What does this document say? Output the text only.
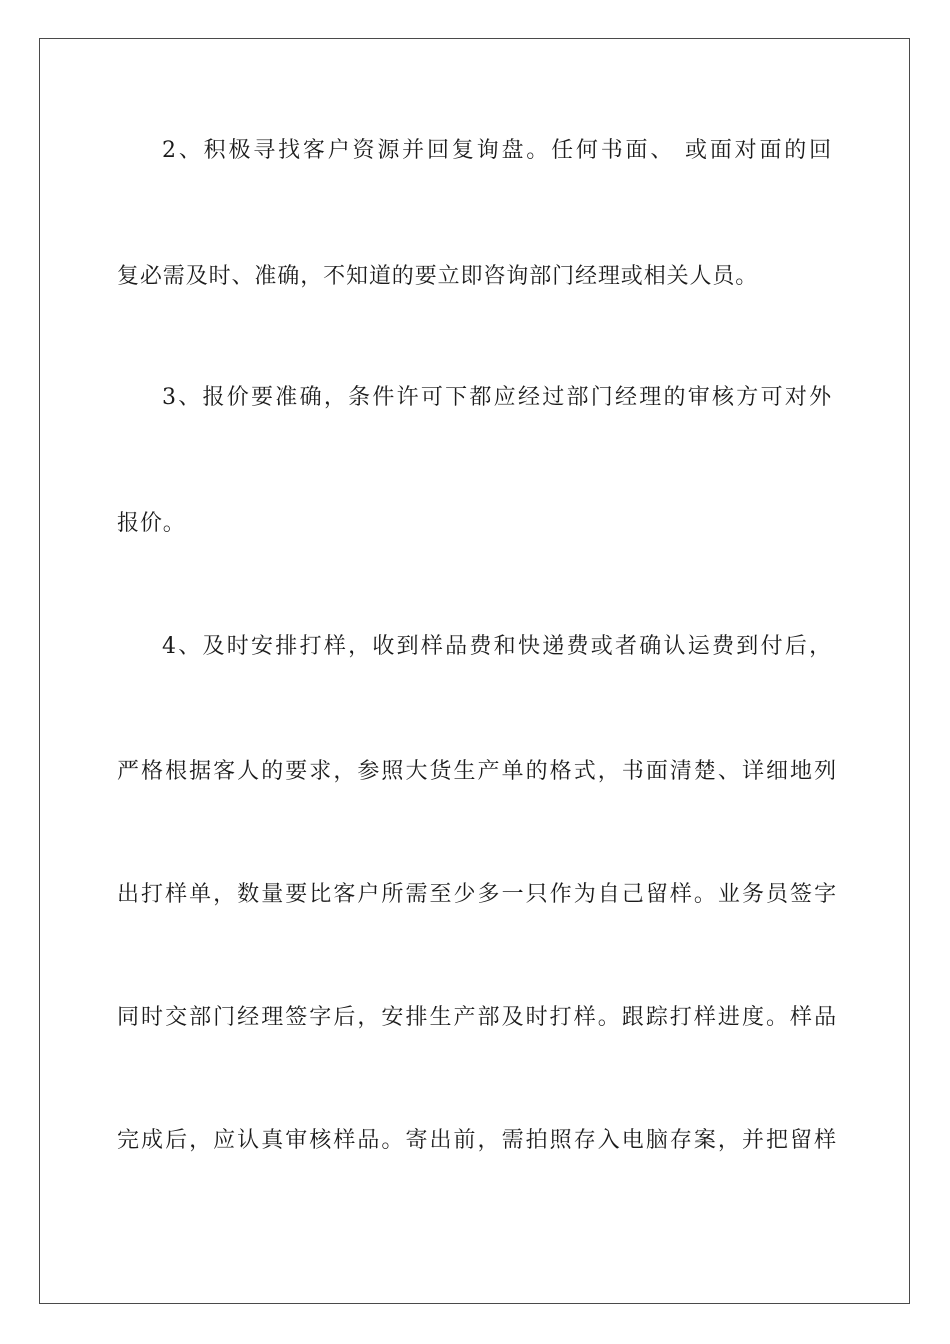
2、积极寻找客户资源并回复询盘。任何书面、 或面对面的回
复必需及时、准确，不知道的要立即咨询部门经理或相关人员。
3、报价要准确，条件许可下都应经过部门经理的审核方可对外
报价。
4、及时安排打样，收到样品费和快递费或者确认运费到付后，
严格根据客人的要求，参照大货生产单的格式，书面清楚、详细地列
出打样单，数量要比客户所需至少多一只作为自己留样。业务员签字
同时交部门经理签字后，安排生产部及时打样。跟踪打样进度。样品
完成后，应认真审核样品。寄出前，需拍照存入电脑存案，并把留样
